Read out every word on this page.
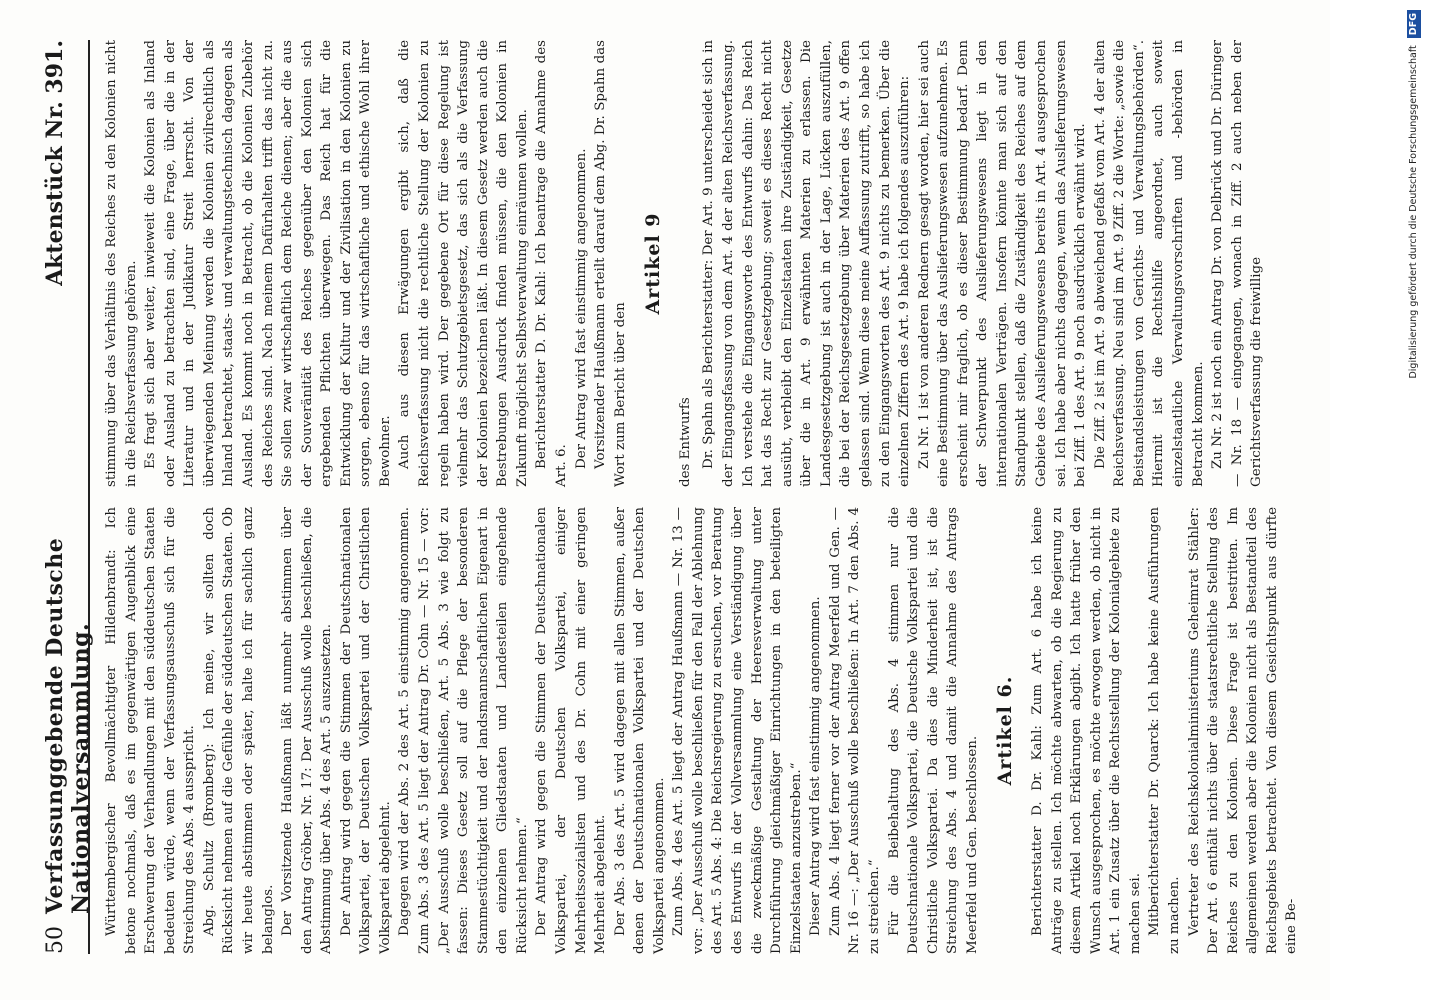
50
Verfassunggebende Deutsche Nationalversammlung.
Aktenstück Nr. 391.

Württembergischer Bevollmächtigter Hildenbrandt: Ich betone nochmals, daß es im gegenwärtigen Augenblick eine Erschwerung der Verhandlungen mit den süddeutschen Staaten bedeuten würde, wenn der Verfassungsausschuß sich für die Streichung des Abs. 4 ausspricht. Abg. Schultz (Bromberg): Ich meine, wir sollten doch Rücksicht nehmen auf die Gefühle der süddeutschen Staaten. Ob wir heute abstimmen oder später, halte ich für sachlich ganz belanglos. Der Vorsitzende Haußmann läßt nunmehr abstimmen über den Antrag Gröber, Nr. 17: Der Ausschuß wolle beschließen, die Abstimmung über Abs. 4 des Art. 5 auszusetzen. Der Antrag wird gegen die Stimmen der Deutschnationalen Volkspartei, der Deutschen Volkspartei und der Christlichen Volkspartei abgelehnt. Dagegen wird der Abs. 2 des Art. 5 einstimmig angenommen. Zum Abs. 3 des Art. 5 liegt der Antrag Dr. Cohn — Nr. 15 — vor: „Der Ausschuß wolle beschließen, Art. 5 Abs. 3 wie folgt zu fassen: Dieses Gesetz soll auf die Pflege der besonderen Stammestüchtigkeit und der landsmannschaftlichen Eigenart in den einzelnen Gliedstaaten und Landesteilen eingehende Rücksicht nehmen.“ Der Antrag wird gegen die Stimmen der Deutschnationalen Volkspartei, der Deutschen Volkspartei, einiger Mehrheitssozialisten und des Dr. Cohn mit einer geringen Mehrheit abgelehnt. Der Abs. 3 des Art. 5 wird dagegen mit allen Stimmen, außer denen der Deutschnationalen Volkspartei und der Deutschen Volkspartei angenommen. Zum Abs. 4 des Art. 5 liegt der Antrag Haußmann — Nr. 13 — vor: „Der Ausschuß wolle beschließen für den Fall der Ablehnung des Art. 5 Abs. 4: Die Reichsregierung zu ersuchen, vor Beratung des Entwurfs in der Vollversammlung eine Verständigung über die zweckmäßige Gestaltung der Heeresverwaltung unter Durchführung gleichmäßiger Einrichtungen in den beteiligten Einzelstaaten anzustreben.“ Dieser Antrag wird fast einstimmig angenommen. Zum Abs. 4 liegt ferner vor der Antrag Meerfeld und Gen. — Nr. 16 —: „Der Ausschuß wolle beschließen: In Art. 7 den Abs. 4 zu streichen.“ Für die Beibehaltung des Abs. 4 stimmen nur die Deutschnationale Volkspartei, die Deutsche Volkspartei und die Christliche Volkspartei. Da dies die Minderheit ist, ist die Streichung des Abs. 4 und damit die Annahme des Antrags Meerfeld und Gen. beschlossen.

Artikel 6. Berichterstatter D. Dr. Kahl: Zum Art. 6 habe ich keine Anträge zu stellen. Ich möchte abwarten, ob die Regierung zu diesem Artikel noch Erklärungen abgibt. Ich hatte früher den Wunsch ausgesprochen, es möchte erwogen werden, ob nicht in Art. 1 ein Zusatz über die Rechtsstellung der Kolonialgebiete zu machen sei. Mitberichterstatter Dr. Quarck: Ich habe keine Ausführungen zu machen. Vertreter des Reichskolonialministeriums Geheimrat Stähler: Der Art. 6 enthält nichts über die staatsrechtliche Stellung des Reiches zu den Kolonien. Diese Frage ist bestritten. Im allgemeinen werden aber die Kolonien nicht als Bestandteil des Reichsgebiets betrachtet. Von diesem Gesichtspunkt aus dürfte eine Be-

stimmung über das Verhältnis des Reiches zu den Kolonien nicht in die Reichsverfassung gehören. Es fragt sich aber weiter, inwieweit die Kolonien als Inland oder Ausland zu betrachten sind, eine Frage, über die in der Literatur und in der Judikatur Streit herrscht. Von der überwiegenden Meinung werden die Kolonien zivilrechtlich als Inland betrachtet, staats- und verwaltungstechnisch dagegen als Ausland. Es kommt noch in Betracht, ob die Kolonien Zubehör des Reiches sind. Nach meinem Dafürhalten trifft das nicht zu. Sie sollen zwar wirtschaftlich dem Reiche dienen; aber die aus der Souveränität des Reiches gegenüber den Kolonien sich ergebenden Pflichten überwiegen. Das Reich hat für die Entwicklung der Kultur und der Zivilisation in den Kolonien zu sorgen, ebenso für das wirtschaftliche und ethische Wohl ihrer Bewohner. Auch aus diesen Erwägungen ergibt sich, daß die Reichsverfassung nicht die rechtliche Stellung der Kolonien zu regeln haben wird. Der gegebene Ort für diese Regelung ist vielmehr das Schutzgebietsgesetz, das sich als die Verfassung der Kolonien bezeichnen läßt. In diesem Gesetz werden auch die Bestrebungen Ausdruck finden müssen, die den Kolonien in Zukunft möglichst Selbstverwaltung einräumen wollen. Berichterstatter D. Dr. Kahl: Ich beantrage die Annahme des Art. 6. Der Antrag wird fast einstimmig angenommen. Vorsitzender Haußmann erteilt darauf dem Abg. Dr. Spahn das Wort zum Bericht über den

Artikel 9

des Entwurfs Dr. Spahn als Berichterstatter: Der Art. 9 unterscheidet sich in der Eingangsfassung von dem Art. 4 der alten Reichsverfassung. Ich verstehe die Eingangsworte des Entwurfs dahin: Das Reich hat das Recht zur Gesetzgebung; soweit es dieses Recht nicht ausübt, verbleibt den Einzelstaaten ihre Zuständigkeit, Gesetze über die in Art. 9 erwähnten Materien zu erlassen. Die Landesgesetzgebung ist auch in der Lage, Lücken auszufüllen, die bei der Reichsgesetzgebung über Materien des Art. 9 offen gelassen sind. Wenn diese meine Auffassung zutrifft, so habe ich zu den Eingangsworten des Art. 9 nichts zu bemerken. Über die einzelnen Ziffern des Art. 9 habe ich folgendes auszuführen: Zu Nr. 1 ist von anderen Rednern gesagt worden, hier sei auch eine Bestimmung über das Auslieferungswesen aufzunehmen. Es erscheint mir fraglich, ob es dieser Bestimmung bedarf. Denn der Schwerpunkt des Auslieferungswesens liegt in den internationalen Verträgen. Insofern könnte man sich auf den Standpunkt stellen, daß die Zuständigkeit des Reiches auf dem Gebiete des Auslieferungswesens bereits in Art. 4 ausgesprochen sei. Ich habe aber nichts dagegen, wenn das Auslieferungswesen bei Ziff. 1 des Art. 9 noch ausdrücklich erwähnt wird. Die Ziff. 2 ist im Art. 9 abweichend gefaßt vom Art. 4 der alten Reichsverfassung. Neu sind im Art. 9 Ziff. 2 die Worte: „sowie die Beistandsleistungen von Gerichts- und Verwaltungsbehörden“. Hiermit ist die Rechtshilfe angeordnet, auch soweit einzelstaatliche Verwaltungsvorschriften und -behörden in Betracht kommen. Zu Nr. 2 ist noch ein Antrag Dr. von Delbrück und Dr. Düringer — Nr. 18 — eingegangen, wonach in Ziff. 2 auch neben der Gerichtsverfassung die freiwillige	Digitalisierung gefördert durch die Deutsche Forschungsgemeinschaft DFG
